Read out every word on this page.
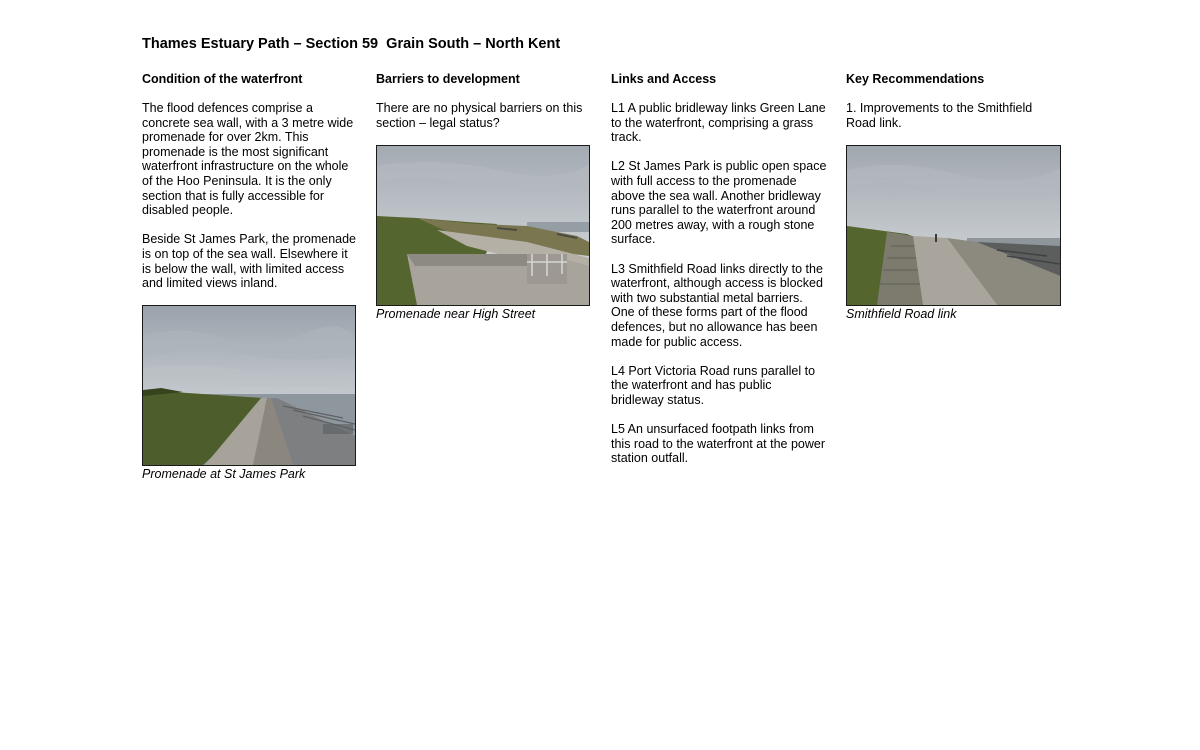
Thames Estuary Path – Section 59  Grain South – North Kent
Condition of the waterfront

The flood defences comprise a concrete sea wall, with a 3 metre wide promenade for over 2km. This promenade is the most significant waterfront infrastructure on the whole of the Hoo Peninsula. It is the only section that is fully accessible for disabled people.

Beside St James Park, the promenade is on top of the sea wall. Elsewhere it is below the wall, with limited access and limited views inland.

Promenade at St James Park
Barriers to development

There are no physical barriers on this section – legal status?

Promenade near High Street
Links and Access

L1 A public bridleway links Green Lane to the waterfront, comprising a grass track.

L2 St James Park is public open space with full access to the promenade above the sea wall. Another bridleway runs parallel to the waterfront around 200 metres away, with a rough stone surface.

L3 Smithfield Road links directly to the waterfront, although access is blocked with two substantial metal barriers. One of these forms part of the flood defences, but no allowance has been made for public access.

L4 Port Victoria Road runs parallel to the waterfront and has public bridleway status.

L5 An unsurfaced footpath links from this road to the waterfront at the power station outfall.

Key Recommendations

1. Improvements to the Smithfield Road link.

Smithfield Road link
